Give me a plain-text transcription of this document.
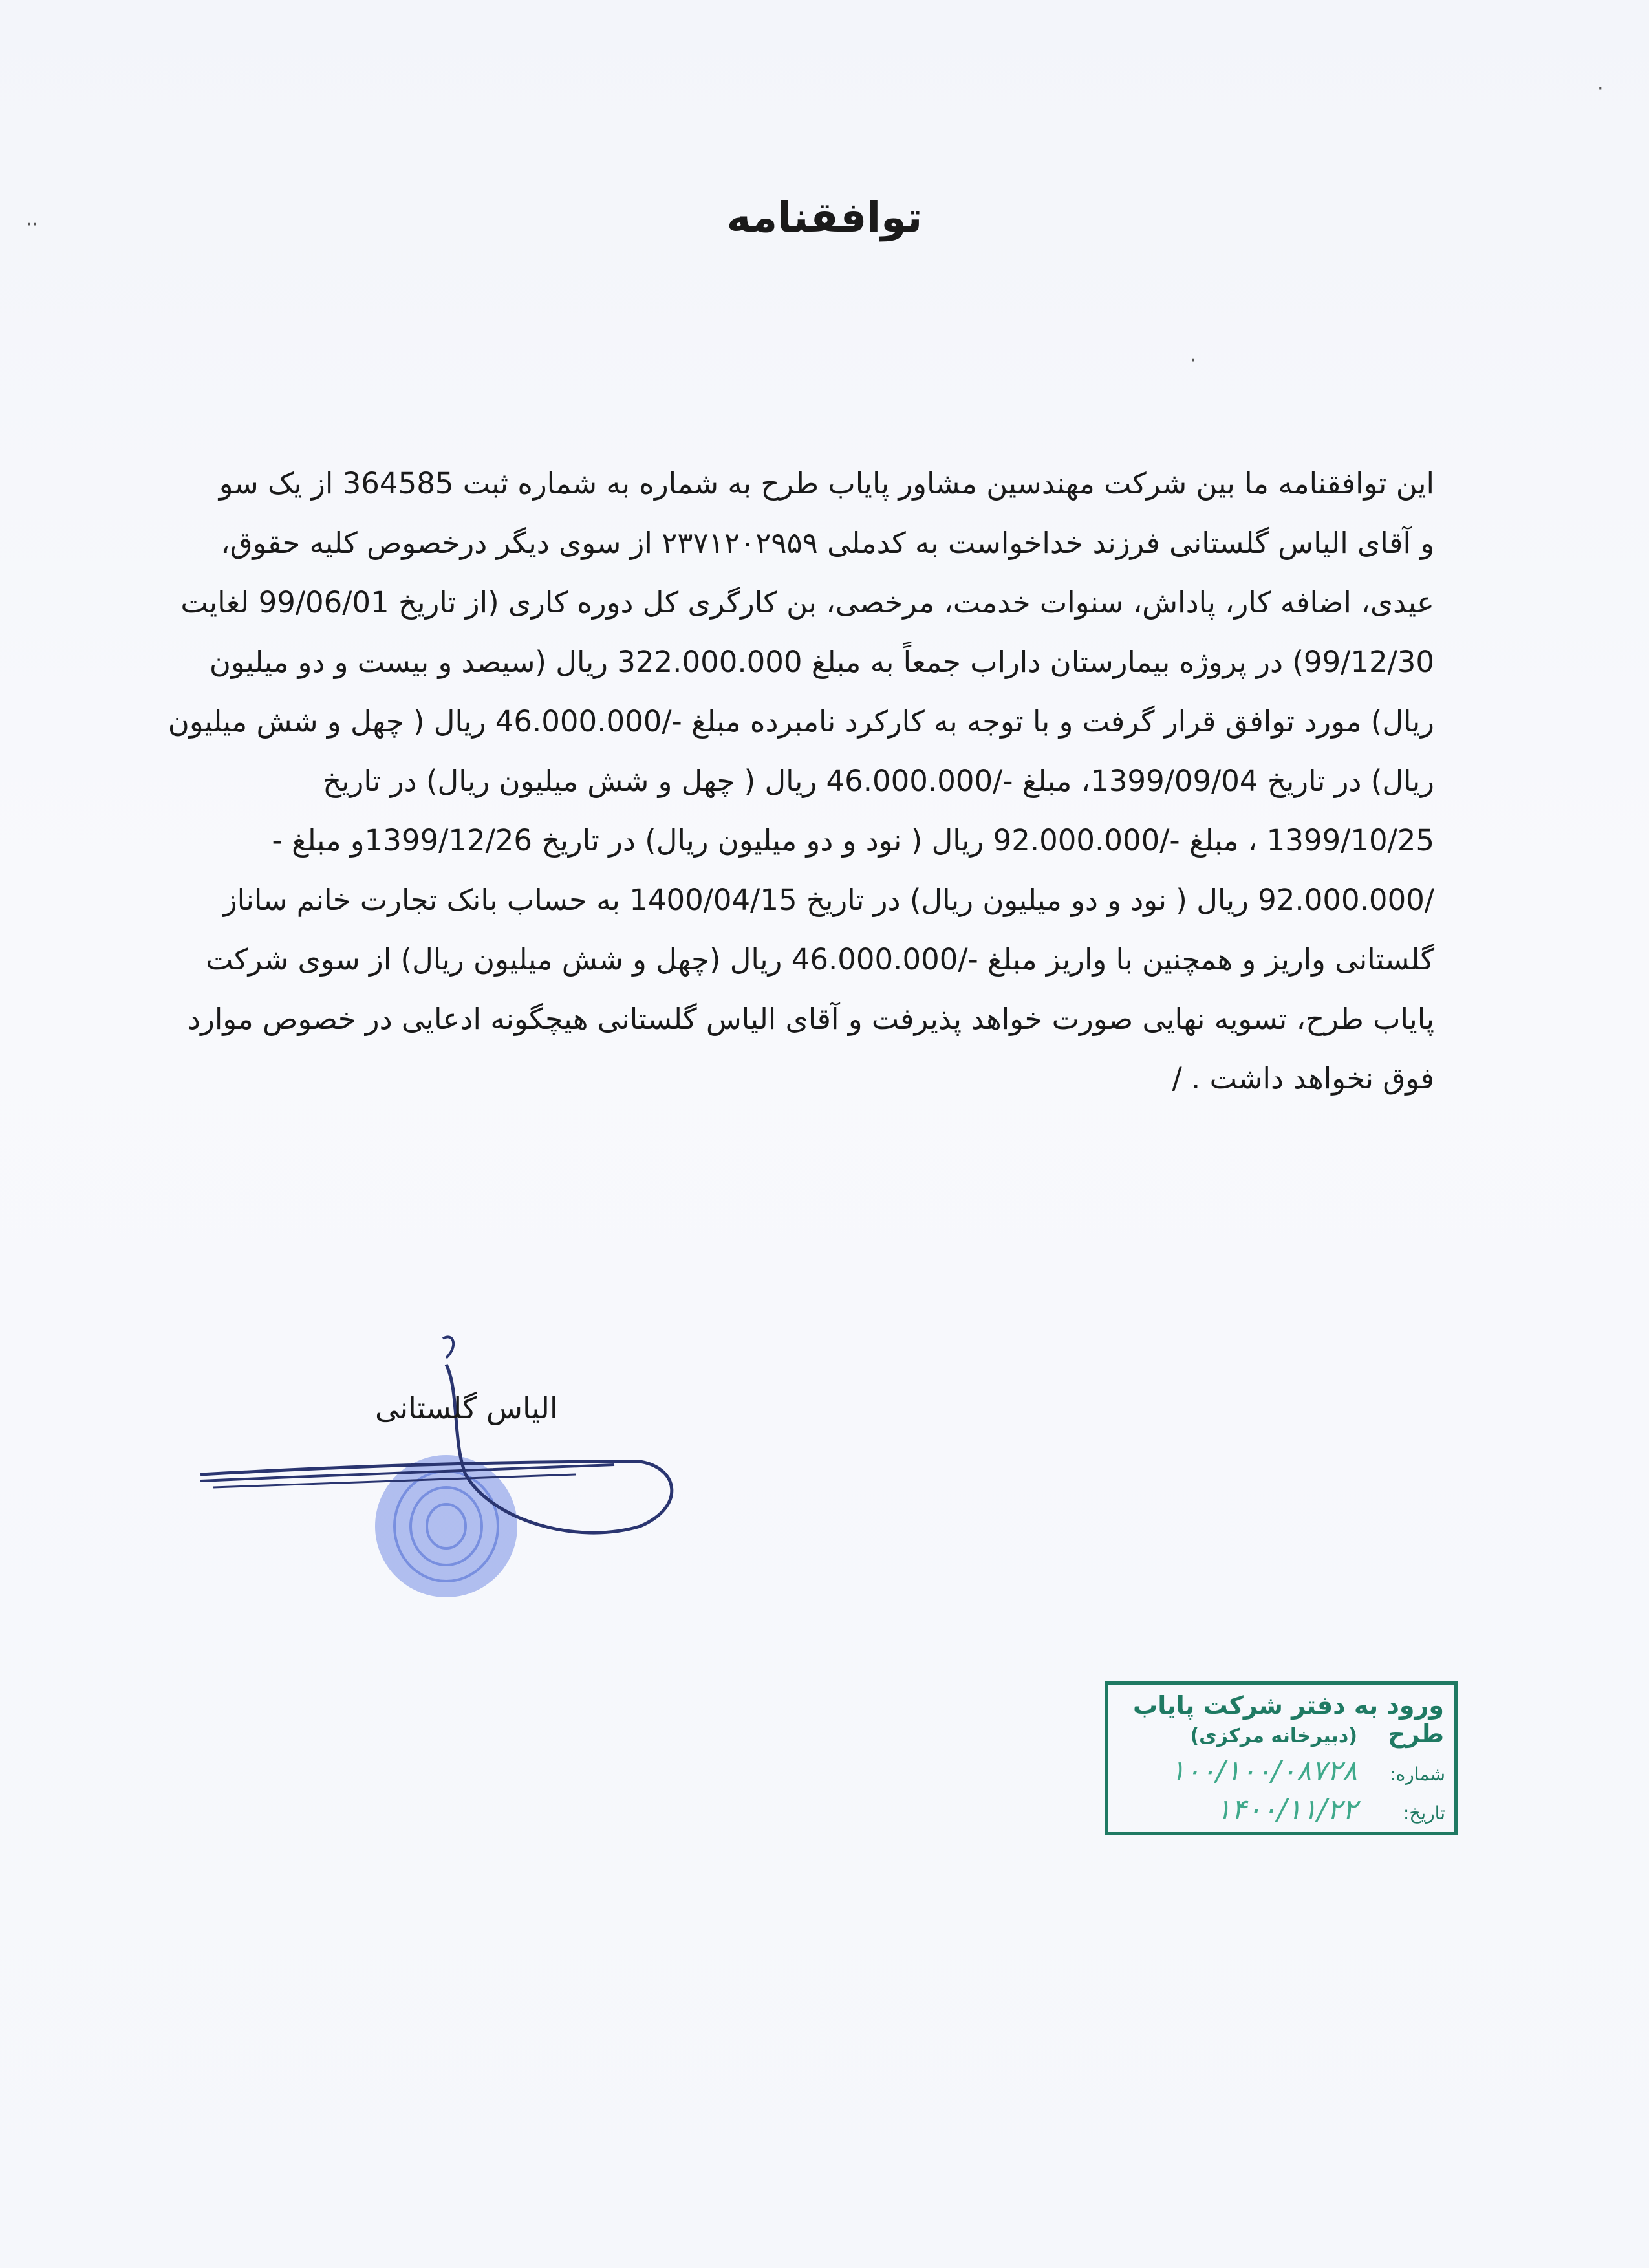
·
··
·
توافقنامه
این توافقنامه ما بین شرکت مهندسین مشاور پایاب طرح به شماره به شماره ثبت 364585 از یک سو
و آقای الیاس گلستانی فرزند خداخواست به کدملی ۲۳۷۱۲۰۲۹۵۹ از سوی دیگر درخصوص کلیه حقوق،
عیدی، اضافه کار، پاداش، سنوات خدمت، مرخصی، بن کارگری کل دوره کاری (از تاریخ 99/06/01 لغایت
99/12/30) در پروژه بیمارستان داراب جمعاً به مبلغ 322.000.000 ریال (سیصد و بیست و دو میلیون
ریال) مورد توافق قرار گرفت و با توجه به کارکرد نامبرده مبلغ -/46.000.000 ریال ( چهل و شش میلیون
ریال) در تاریخ 1399/09/04، مبلغ -/46.000.000 ریال ( چهل و شش میلیون ریال) در تاریخ
1399/10/25 ، مبلغ -/92.000.000 ریال ( نود و دو میلیون ریال) در تاریخ 1399/12/26و مبلغ -
/92.000.000 ریال ( نود و دو میلیون ریال) در تاریخ 1400/04/15 به حساب بانک تجارت خانم ساناز
گلستانی واریز و همچنین با واریز مبلغ -/46.000.000 ریال (چهل و شش میلیون ریال) از سوی شرکت
پایاب طرح، تسویه نهایی صورت خواهد پذیرفت و آقای الیاس گلستانی هیچگونه ادعایی در خصوص موارد
فوق نخواهد داشت . /
الیاس گلستانی
ورود به دفتر شرکت پایاب طرح
(دبیرخانه مرکزی)
شماره:
۱۰۰/۱۰۰/۰۸۷۲۸
تاریخ:
۱۴۰۰/۱۱/۲۲
